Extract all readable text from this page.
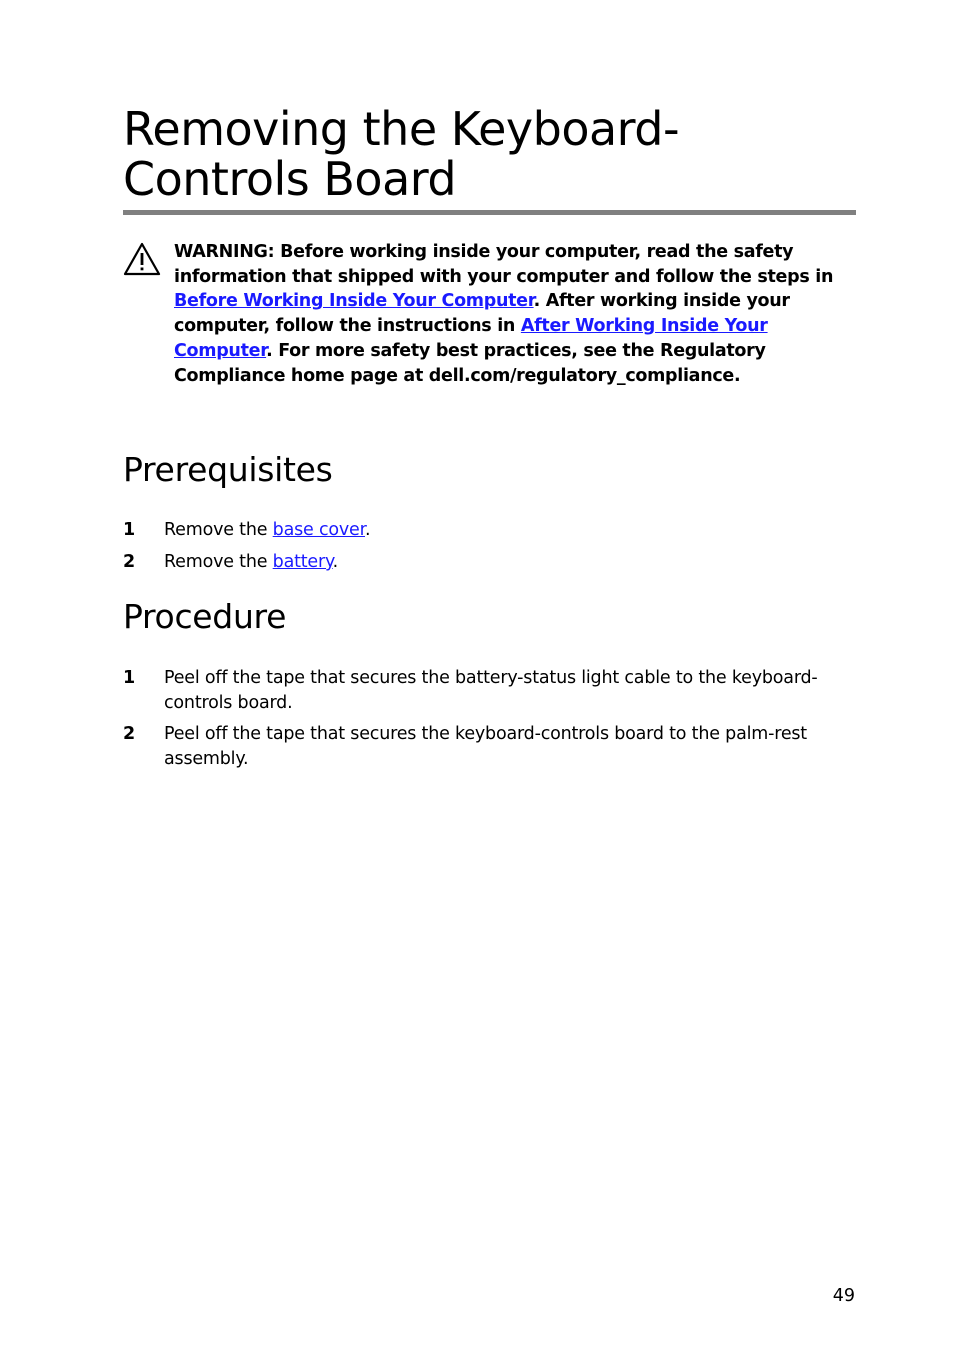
Removing the Keyboard-Controls Board

WARNING: Before working inside your computer, read the safety information that shipped with your computer and follow the steps in Before Working Inside Your Computer. After working inside your computer, follow the instructions in After Working Inside Your Computer. For more safety best practices, see the Regulatory Compliance home page at dell.com/regulatory_compliance.

Prerequisites
1 Remove the base cover.
2 Remove the battery.
Procedure
1 Peel off the tape that secures the battery-status light cable to the keyboard-controls board.
2 Peel off the tape that secures the keyboard-controls board to the palm-rest assembly.
49
